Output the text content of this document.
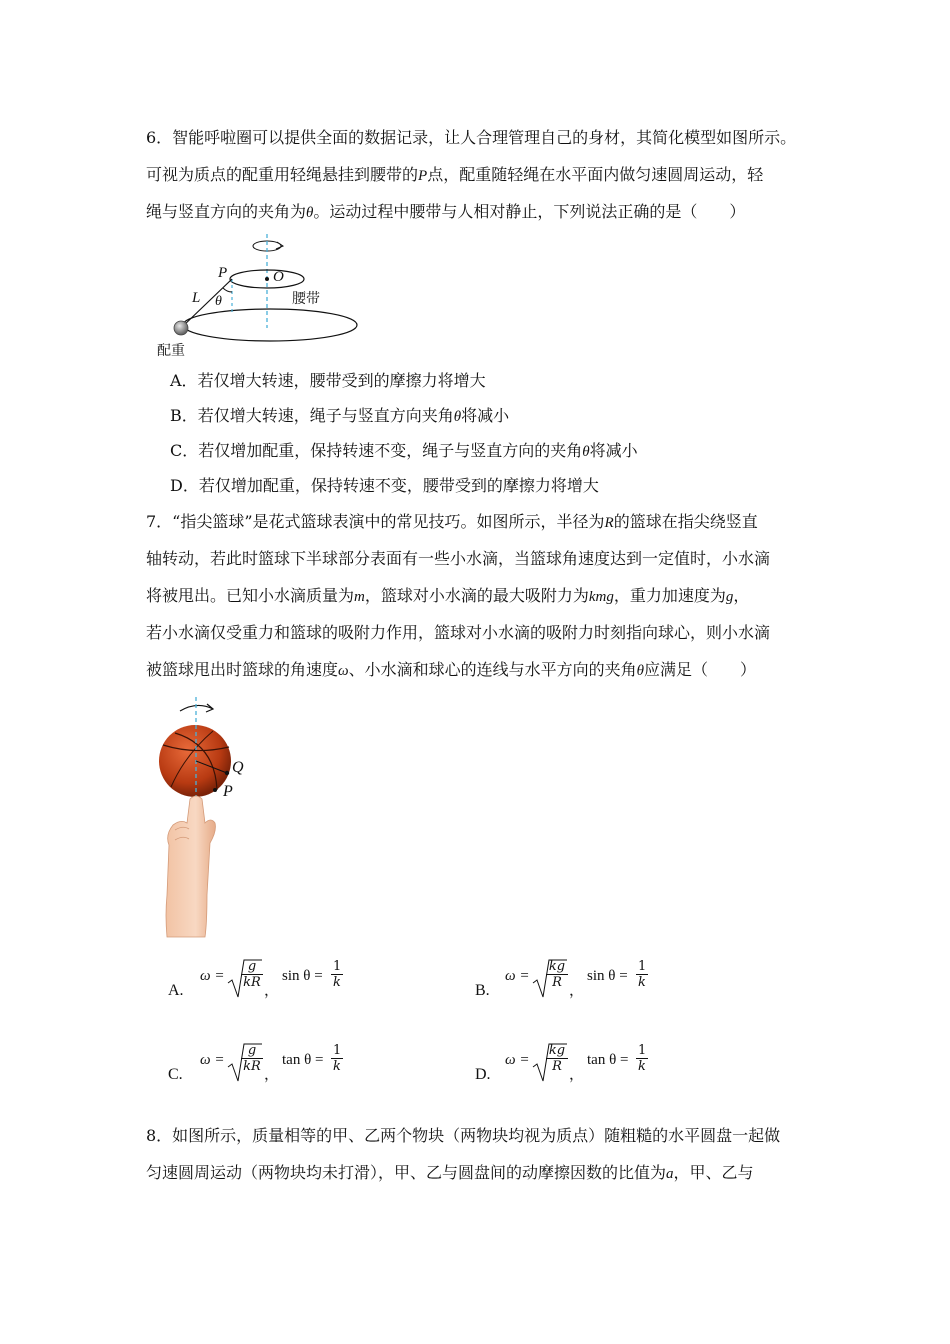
6．智能呼啦圈可以提供全面的数据记录，让人合理管理自己的身材，其简化模型如图所示。
可视为质点的配重用轻绳悬挂到腰带的P点，配重随轻绳在水平面内做匀速圆周运动，轻
绳与竖直方向的夹角为θ。运动过程中腰带与人相对静止，下列说法正确的是（　　）
P	O
L θ	腰带
配重
A．若仅增大转速，腰带受到的摩擦力将增大
B．若仅增大转速，绳子与竖直方向夹角θ将减小
C．若仅增加配重，保持转速不变，绳子与竖直方向的夹角θ将减小
D．若仅增加配重，保持转速不变，腰带受到的摩擦力将增大
7．“指尖篮球”是花式篮球表演中的常见技巧。如图所示，半径为R的篮球在指尖绕竖直
轴转动，若此时篮球下半球部分表面有一些小水滴，当篮球角速度达到一定值时，小水滴
将被甩出。已知小水滴质量为m，篮球对小水滴的最大吸附力为kmg，重力加速度为g，
若小水滴仅受重力和篮球的吸附力作用，篮球对小水滴的吸附力时刻指向球心，则小水滴
被篮球甩出时篮球的角速度ω、小水滴和球心的连线与水平方向的夹角θ应满足（　　）
Q
P
A.
$\omega = \frac{g}{kR}$
，
$\sin \theta = \frac{1}{k}$
B.
$\omega = \frac{kg}{R}$
，
$\sin \theta = \frac{1}{k}$
C.
$\omega = \frac{g}{kR}$
，
$\tan \theta = \frac{1}{k}$
D.
$\omega = \frac{kg}{R}$
，
$\tan \theta = \frac{1}{k}$
8．如图所示，质量相等的甲、乙两个物块（两物块均视为质点）随粗糙的水平圆盘一起做
匀速圆周运动（两物块均未打滑），甲、乙与圆盘间的动摩擦因数的比值为a，甲、乙与
